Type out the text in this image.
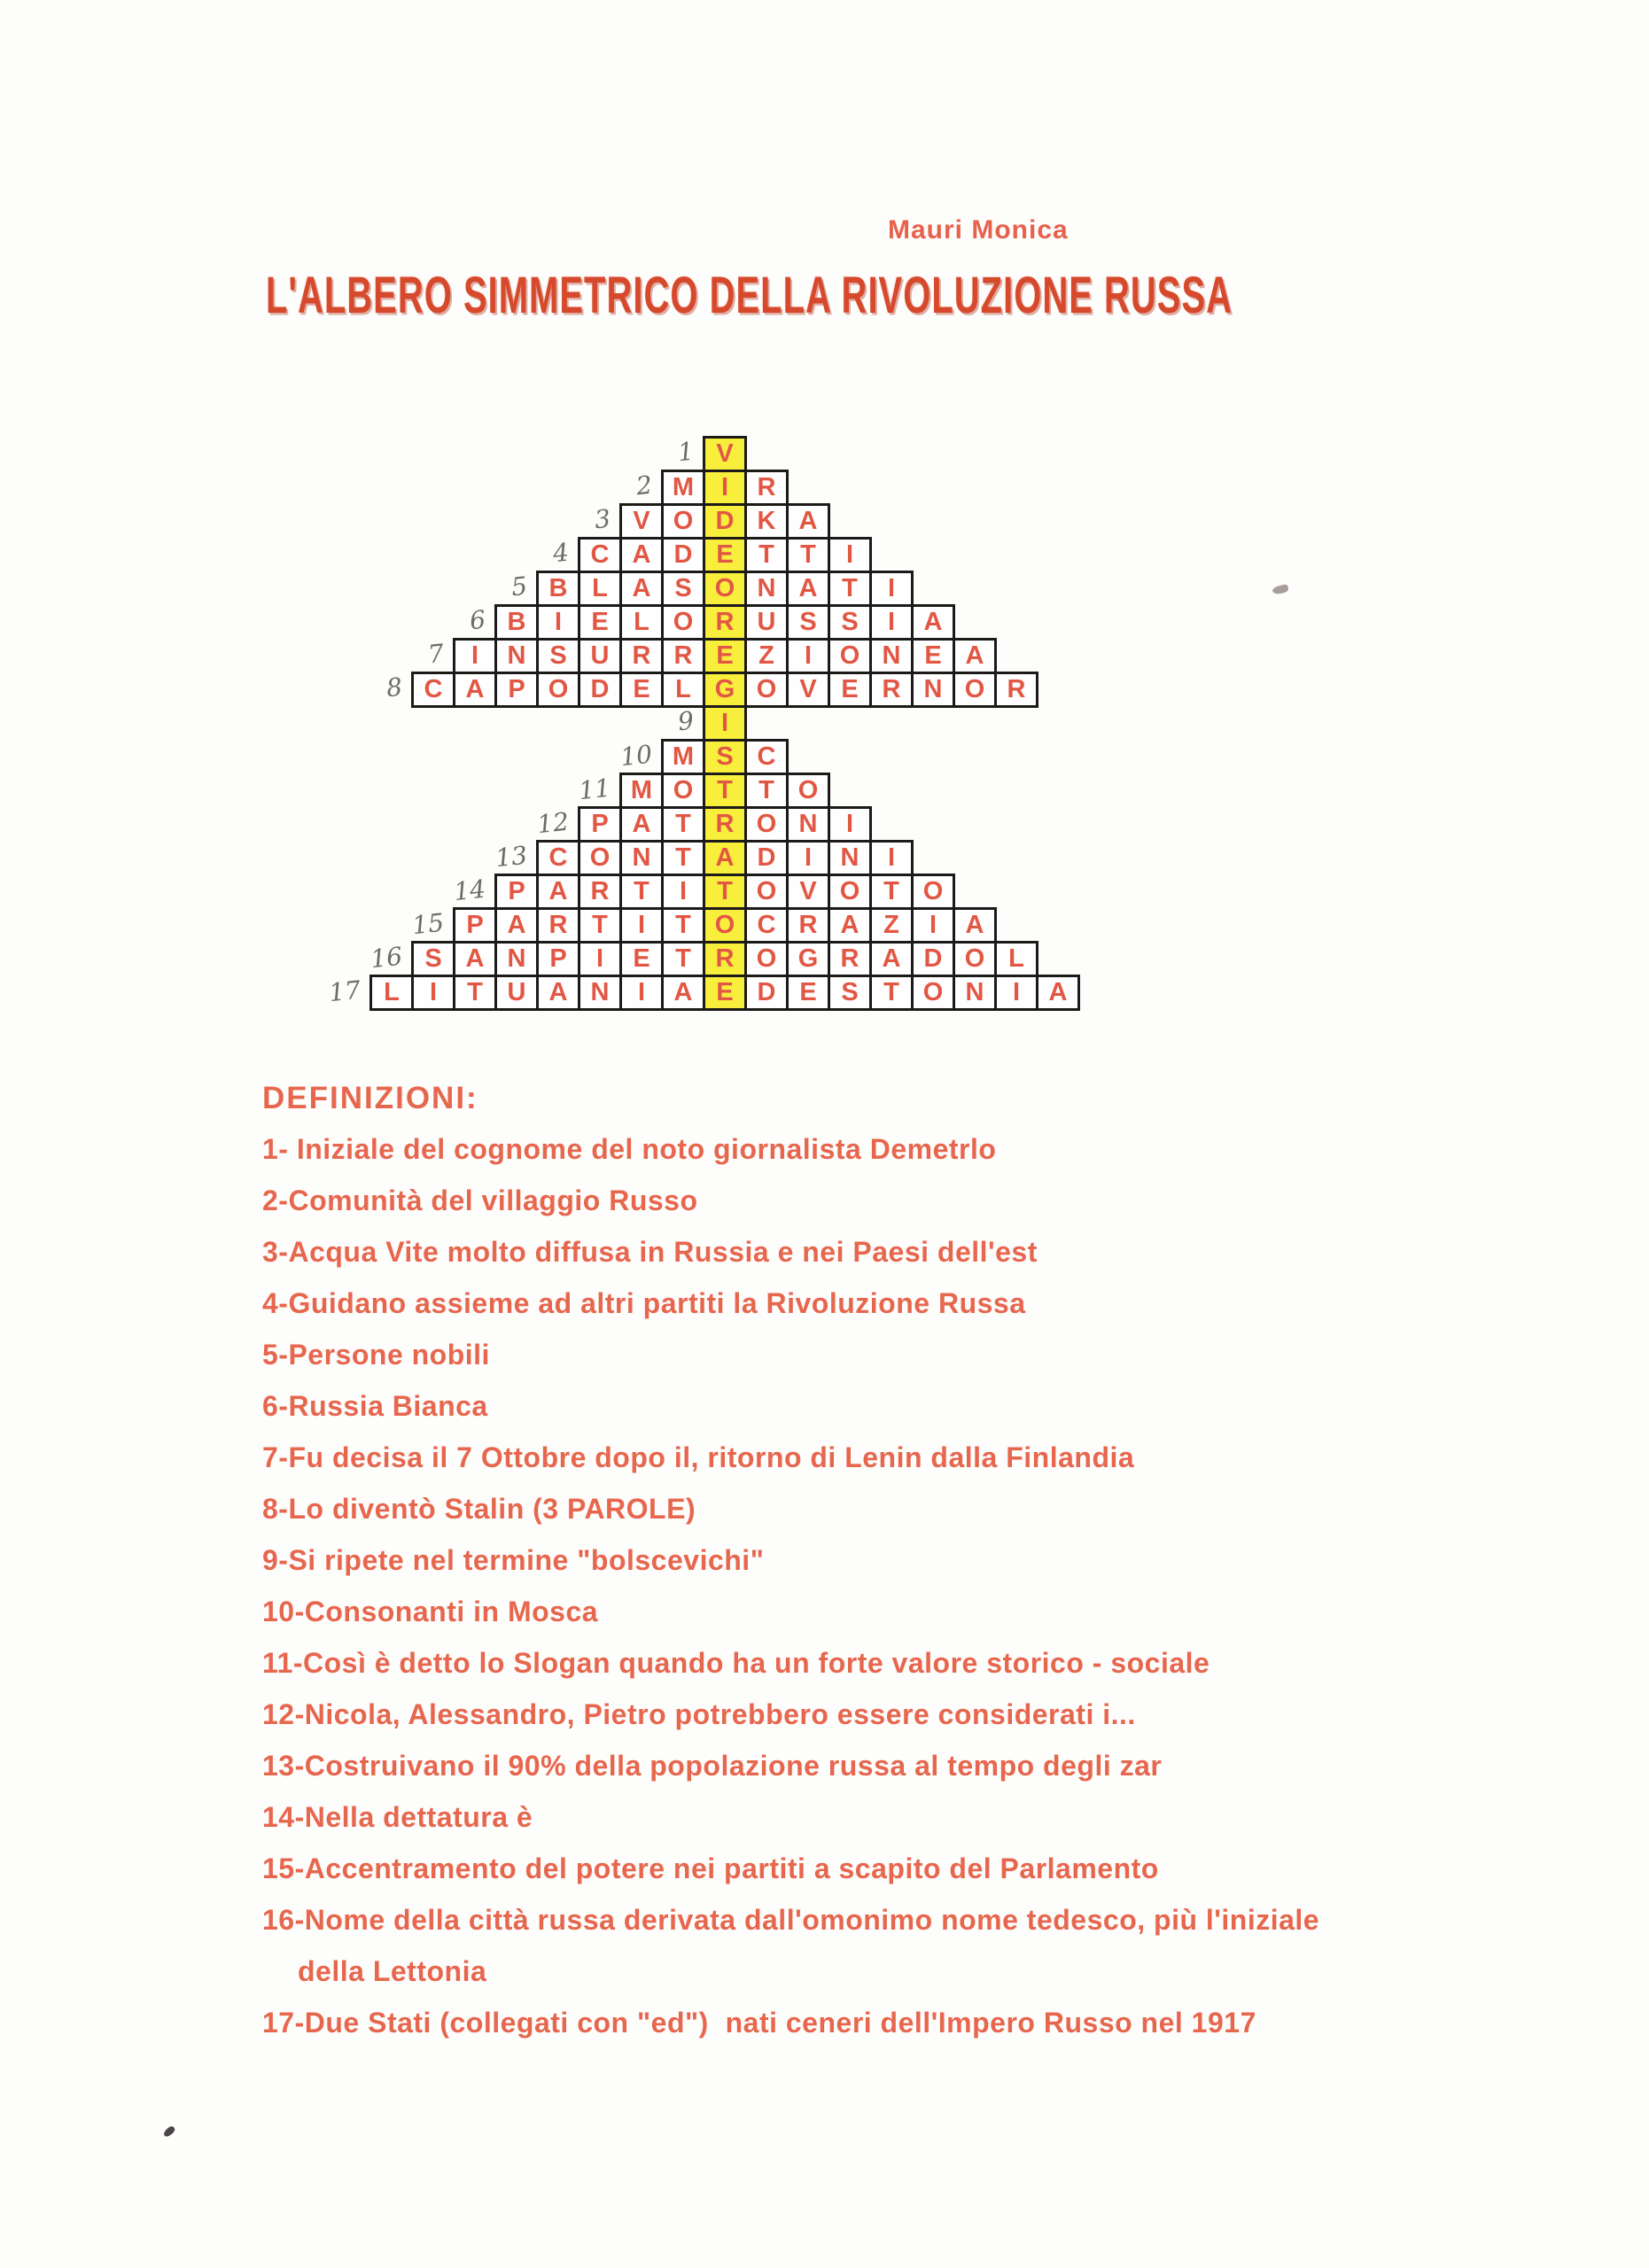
Mauri Monica
L'ALBERO SIMMETRICO DELLA RIVOLUZIONE RUSSA
1 V
2 M	I	R
3 V O D K A
4 C A D E T	T	I
5 B L A S O N A T	I
6 B	I	E L O R U S S	I	A
7	I	N S U R R E Z	I	O N E A
8 C A P O D E L G O V E R N O R
9	I
10 M S C
11 M O T	T O
12 P A T R O N	I
13 C O N T A D	I	N	I
14 P A R T	I	T O V O T O
15 P A R T	I	T O C R A Z	I	A
16 S A N P	I	E T R O G R A D O L
17 L	I	T U A N	I	A E D E S T O N	I	A
DEFINIZIONI:
1- Iniziale del cognome del noto giornalista Demetrlo
2-Comunità del villaggio Russo
3-Acqua Vite molto diffusa in Russia e nei Paesi dell'est
4-Guidano assieme ad altri partiti la Rivoluzione Russa
5-Persone nobili
6-Russia Bianca
7-Fu decisa il 7 Ottobre dopo il, ritorno di Lenin dalla Finlandia
8-Lo diventò Stalin (3 PAROLE)
9-Si ripete nel termine "bolscevichi"
10-Consonanti in Mosca
11-Così è detto lo Slogan quando ha un forte valore storico - sociale
12-Nicola, Alessandro, Pietro potrebbero essere considerati i...
13-Costruivano il 90% della popolazione russa al tempo degli zar
14-Nella dettatura è
15-Accentramento del potere nei partiti a scapito del Parlamento
16-Nome della città russa derivata dall'omonimo nome tedesco, più l'iniziale
della Lettonia
17-Due Stati (collegati con "ed")  nati ceneri dell'Impero Russo nel 1917
